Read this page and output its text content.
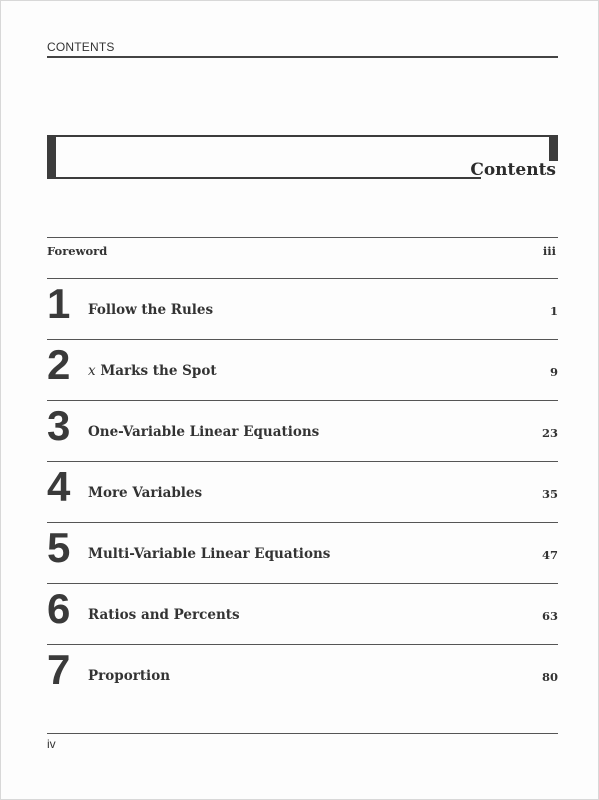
CONTENTS
Contents
Foreword	iii
1 Follow the Rules	1
2 x Marks the Spot	9
3 One-Variable Linear Equations	23
4 More Variables	35
5 Multi-Variable Linear Equations	47
6 Ratios and Percents	63
7 Proportion	80
iv
